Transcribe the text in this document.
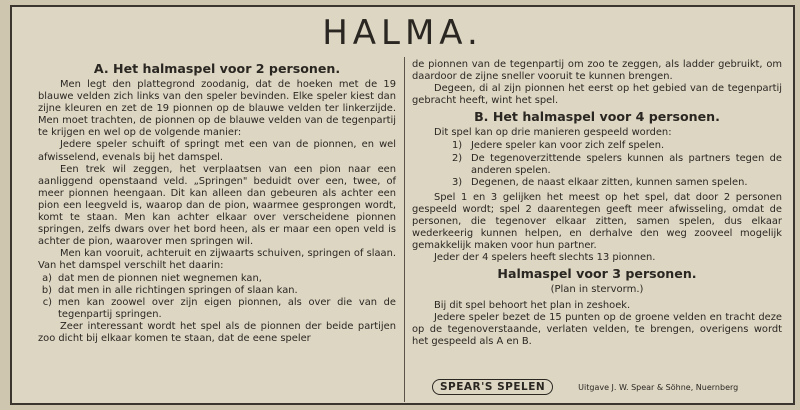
HALMA.
A. Het halmaspel voor 2 personen.

Men legt den plattegrond zoodanig, dat de hoeken met de 19 blauwe velden zich links van den speler bevinden. Elke speler kiest dan zijne kleuren en zet de 19 pionnen op de blauwe velden ter linkerzijde. Men moet trachten, de pionnen op de blauwe velden van de tegenpartij te krijgen en wel op de volgende manier:

Jedere speler schuift of springt met een van de pionnen, en wel afwisselend, evenals bij het damspel.

Een trek wil zeggen, het verplaatsen van een pion naar een aanliggend openstaand veld. „Springen" beduidt over een, twee, of meer pionnen heengaan. Dit kan alleen dan gebeuren als achter een pion een leegveld is, waarop dan de pion, waarmee gesprongen wordt, komt te staan. Men kan achter elkaar over verscheidene pionnen springen, zelfs dwars over het bord heen, als er maar een open veld is achter de pion, waarover men springen wil.

Men kan vooruit, achteruit en zijwaarts schuiven, springen of slaan. Van het damspel verschilt het daarin:

a) dat men de pionnen niet wegnemen kan,
b) dat men in alle richtingen springen of slaan kan.
c) men kan zoowel over zijn eigen pionnen, als over die van de tegenpartij springen.

Zeer interessant wordt het spel als de pionnen der beide partijen zoo dicht bij elkaar komen te staan, dat de eene speler

de pionnen van de tegenpartij om zoo te zeggen, als ladder gebruikt, om daardoor de zijne sneller vooruit te kunnen brengen.

Degeen, di al zijn pionnen het eerst op het gebied van de tegenpartij gebracht heeft, wint het spel.

B. Het halmaspel voor 4 personen.

Dit spel kan op drie manieren gespeeld worden:

1) Jedere speler kan voor zich zelf spelen.
2) De tegenoverzittende spelers kunnen als partners tegen de anderen spelen.
3) Degenen, de naast elkaar zitten, kunnen samen spelen.

Spel 1 en 3 gelijken het meest op het spel, dat door 2 personen gespeeld wordt; spel 2 daarentegen geeft meer afwisseling, omdat de personen, die tegenover elkaar zitten, samen spelen, dus elkaar wederkeerig kunnen helpen, en derhalve den weg zooveel mogelijk gemakkelijk maken voor hun partner.

Jeder der 4 spelers heeft slechts 13 pionnen.

Halmaspel voor 3 personen.
(Plan in stervorm.)

Bij dit spel behoort het plan in zeshoek.

Jedere speler bezet de 15 punten op de groene velden en tracht deze op de tegenoverstaande, verlaten velden, te brengen, overigens wordt het gespeeld als A en B.

SPEAR'S SPELEN	Uitgave J. W. Spear & Söhne, Nuernberg
